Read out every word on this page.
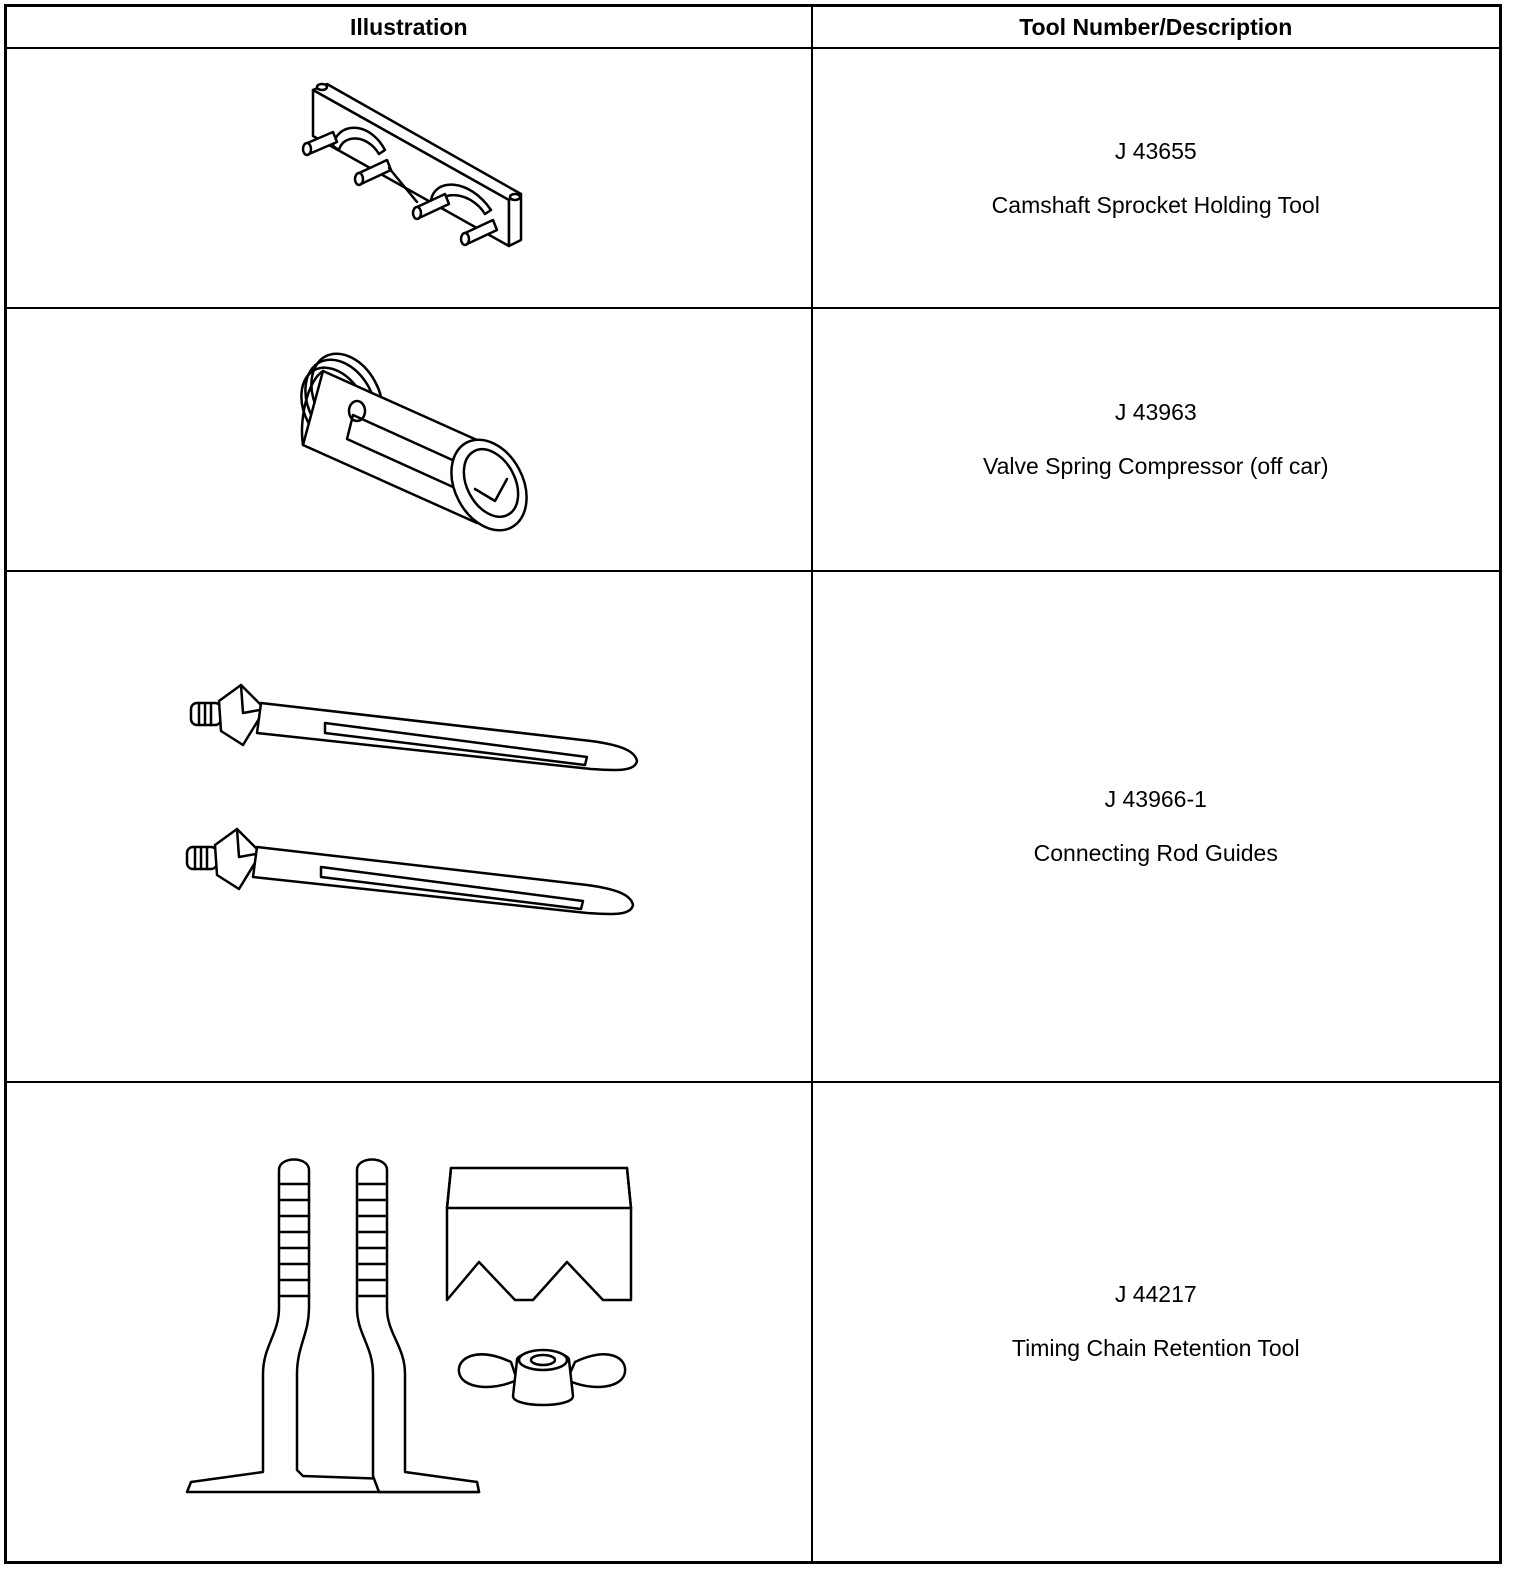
Illustration	Tool Number/Description

J 43655
Camshaft Sprocket Holding Tool

J 43963
Valve Spring Compressor (off car)

J 43966-1
Connecting Rod Guides

J 44217
Timing Chain Retention Tool
